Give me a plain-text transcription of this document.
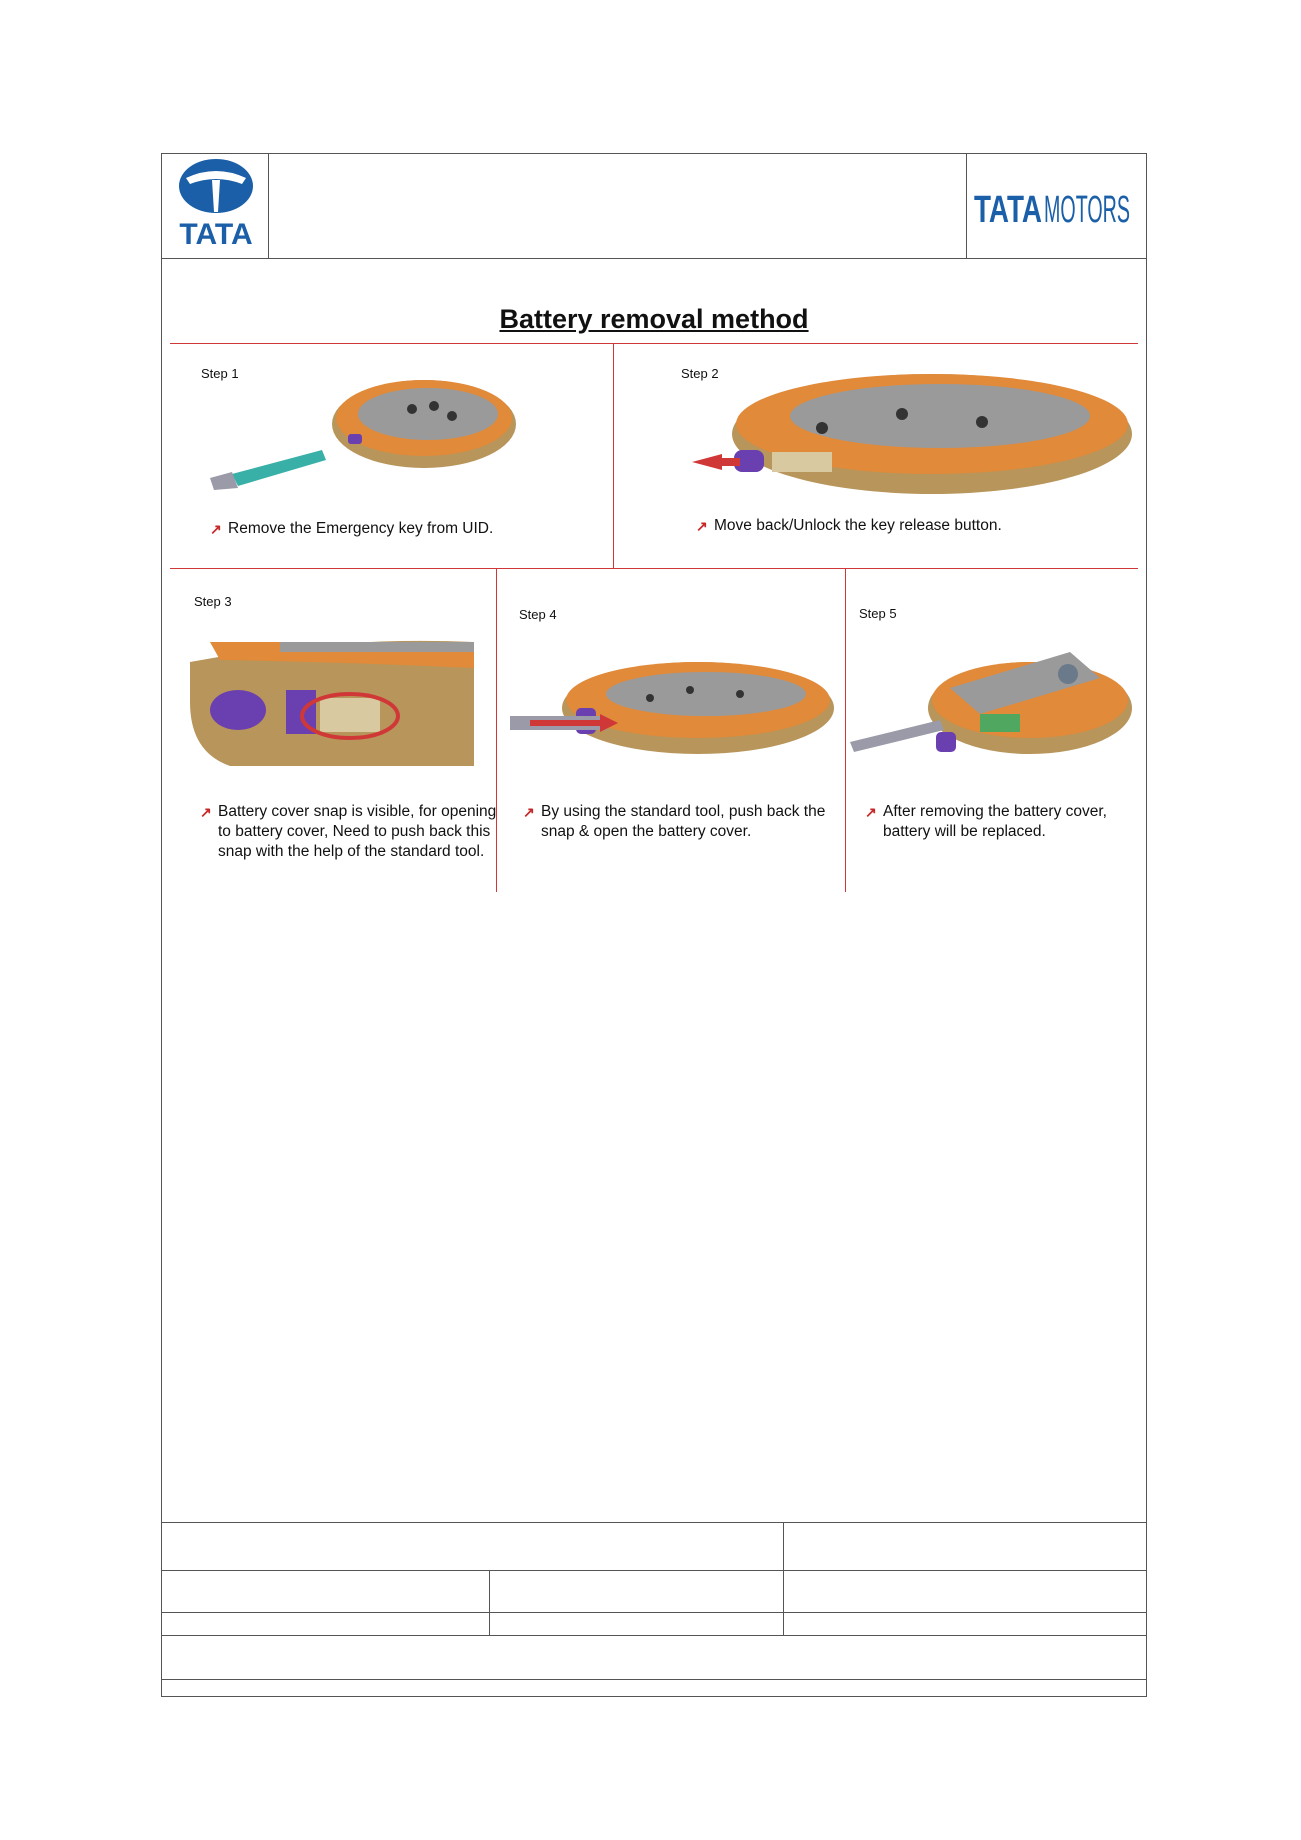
TATA
TATA MOTORS
Battery removal method
Step 1
↗ Remove the Emergency key from UID.
Step 2
↗ Move back/Unlock the key release button.
Step 3
↗ Battery cover snap is visible, for opening to battery cover, Need to push back this snap with the help of the standard tool.
Step 4
↗ By using the standard tool, push back the snap & open the battery cover.
Step 5
↗ After removing the battery cover, battery will be replaced.
